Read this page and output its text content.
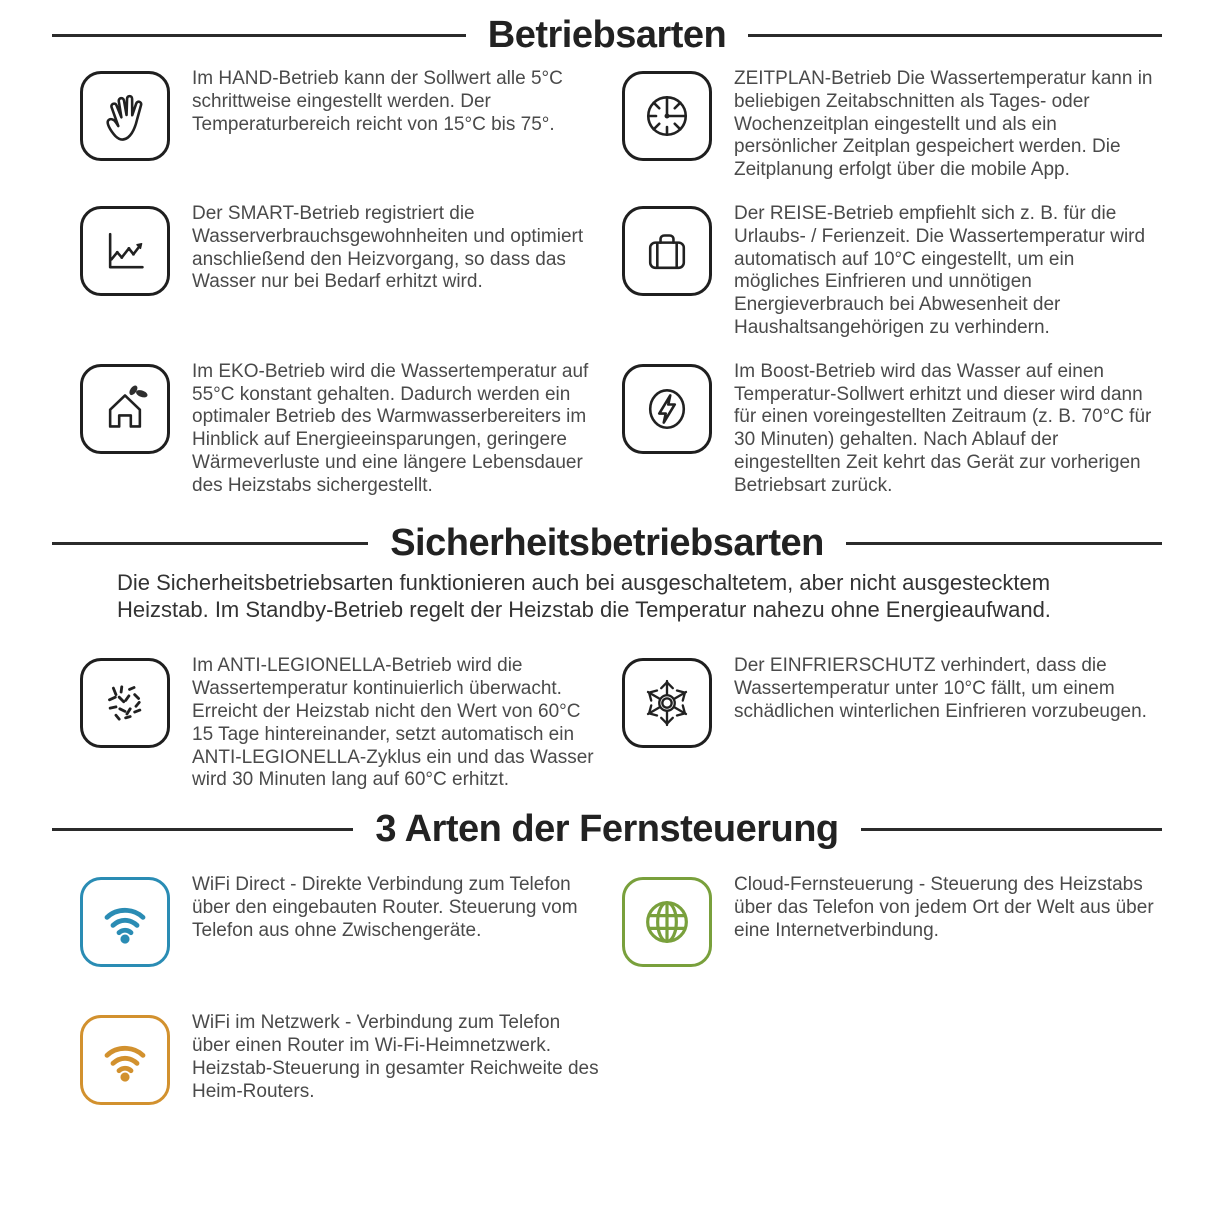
Betriebsarten

Im HAND-Betrieb kann der Sollwert alle 5°C schrittweise eingestellt werden. Der Temperaturbereich reicht von 15°C bis 75°.

ZEITPLAN-Betrieb Die Wassertemperatur kann in beliebigen Zeitabschnitten als Tages- oder Wochenzeitplan eingestellt und als ein persönlicher Zeitplan gespeichert werden. Die Zeitplanung erfolgt über die mobile App.

Der SMART-Betrieb registriert die Wasserverbrauchsgewohnheiten und optimiert anschließend den Heizvorgang, so dass das Wasser nur bei Bedarf erhitzt wird.

Der REISE-Betrieb empfiehlt sich z. B. für die Urlaubs- / Ferienzeit. Die Wassertemperatur wird automatisch auf 10°C eingestellt, um ein mögliches Einfrieren und unnötigen Energieverbrauch bei Abwesenheit der Haushaltsangehörigen zu verhindern.

Im EKO-Betrieb wird die Wassertemperatur auf 55°C konstant gehalten. Dadurch werden ein optimaler Betrieb des Warmwasserbereiters im Hinblick auf Energieeinsparungen, geringere Wärmeverluste und eine längere Lebensdauer des Heizstabs sichergestellt.

Im Boost-Betrieb wird das Wasser auf einen Temperatur-Sollwert erhitzt und dieser wird dann für einen voreingestellten Zeitraum (z. B. 70°C für 30 Minuten) gehalten. Nach Ablauf der eingestellten Zeit kehrt das Gerät zur vorherigen Betriebsart zurück.

Sicherheitsbetriebsarten

Die Sicherheitsbetriebsarten funktionieren auch bei ausgeschaltetem, aber nicht ausgestecktem Heizstab. Im Standby-Betrieb regelt der Heizstab die Temperatur nahezu ohne Energieaufwand.

Im ANTI-LEGIONELLA-Betrieb wird die Wassertemperatur kontinuierlich überwacht. Erreicht der Heizstab nicht den Wert von 60°C 15 Tage hintereinander, setzt automatisch ein ANTI-LEGIONELLA-Zyklus ein und das Wasser wird 30 Minuten lang auf 60°C erhitzt.

Der EINFRIERSCHUTZ verhindert, dass die Wassertemperatur unter 10°C fällt, um einem schädlichen winterlichen Einfrieren vorzubeugen.

3 Arten der Fernsteuerung

WiFi Direct - Direkte Verbindung zum Telefon über den eingebauten Router. Steuerung vom Telefon aus ohne Zwischengeräte.

Cloud-Fernsteuerung - Steuerung des Heizstabs über das Telefon von jedem Ort der Welt aus über eine Internetverbindung.

WiFi im Netzwerk - Verbindung zum Telefon über einen Router im Wi-Fi-Heimnetzwerk. Heizstab-Steuerung in gesamter Reichweite des Heim-Routers.
